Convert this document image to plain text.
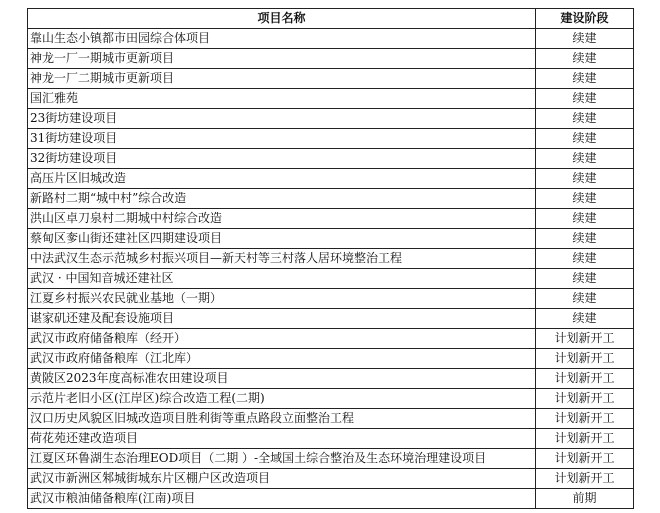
项目名称	建设阶段
靠山生态小镇都市田园综合体项目	续建
神龙一厂一期城市更新项目	续建
神龙一厂二期城市更新项目	续建
国汇雅苑	续建
23街坊建设项目	续建
31街坊建设项目	续建
32街坊建设项目	续建
高压片区旧城改造	续建
新路村二期“城中村”综合改造	续建
洪山区卓刀泉村二期城中村综合改造	续建
蔡甸区奓山街还建社区四期建设项目	续建
中法武汉生态示范城乡村振兴项目—新天村等三村落人居环境整治工程	续建
武汉 · 中国知音城还建社区	续建
江夏乡村振兴农民就业基地（一期）	续建
谌家矶还建及配套设施项目	续建
武汉市政府储备粮库（经开）	计划新开工
武汉市政府储备粮库（江北库）	计划新开工
黄陂区2023年度高标准农田建设项目	计划新开工
示范片老旧小区(江岸区)综合改造工程(二期)	计划新开工
汉口历史风貌区旧城改造项目胜利街等重点路段立面整治工程	计划新开工
荷花苑还建改造项目	计划新开工
江夏区环鲁湖生态治理EOD项目（二期 ）-全域国土综合整治及生态环境治理建设项目	计划新开工
武汉市新洲区邾城街城东片区棚户区改造项目	计划新开工
武汉市粮油储备粮库(江南)项目	前期
